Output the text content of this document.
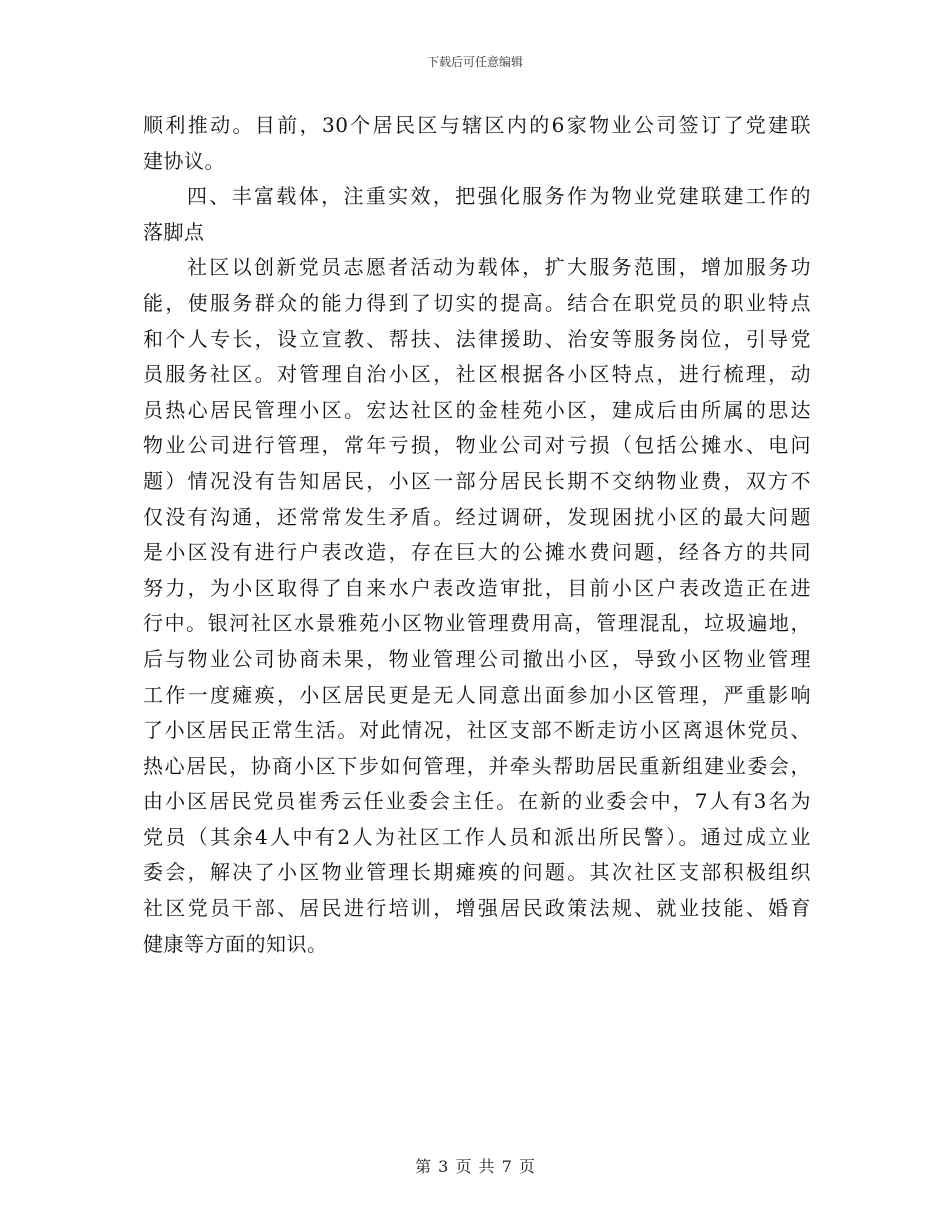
下载后可任意编辑
顺利推动。目前，30个居民区与辖区内的6家物业公司签订了党建联
建协议。
四、丰富载体，注重实效，把强化服务作为物业党建联建工作的
落脚点
社区以创新党员志愿者活动为载体，扩大服务范围，增加服务功
能，使服务群众的能力得到了切实的提高。结合在职党员的职业特点
和个人专长，设立宣教、帮扶、法律援助、治安等服务岗位，引导党
员服务社区。对管理自治小区，社区根据各小区特点，进行梳理，动
员热心居民管理小区。宏达社区的金桂苑小区，建成后由所属的思达
物业公司进行管理，常年亏损，物业公司对亏损（包括公摊水、电问
题）情况没有告知居民，小区一部分居民长期不交纳物业费，双方不
仅没有沟通，还常常发生矛盾。经过调研，发现困扰小区的最大问题
是小区没有进行户表改造，存在巨大的公摊水费问题，经各方的共同
努力，为小区取得了自来水户表改造审批，目前小区户表改造正在进
行中。银河社区水景雅苑小区物业管理费用高，管理混乱，垃圾遍地，
后与物业公司协商未果，物业管理公司撤出小区，导致小区物业管理
工作一度瘫痪，小区居民更是无人同意出面参加小区管理，严重影响
了小区居民正常生活。对此情况，社区支部不断走访小区离退休党员、
热心居民，协商小区下步如何管理，并牵头帮助居民重新组建业委会，
由小区居民党员崔秀云任业委会主任。在新的业委会中，7人有3名为
党员（其余4人中有2人为社区工作人员和派出所民警）。通过成立业
委会，解决了小区物业管理长期瘫痪的问题。其次社区支部积极组织
社区党员干部、居民进行培训，增强居民政策法规、就业技能、婚育
健康等方面的知识。
第 3 页 共 7 页
